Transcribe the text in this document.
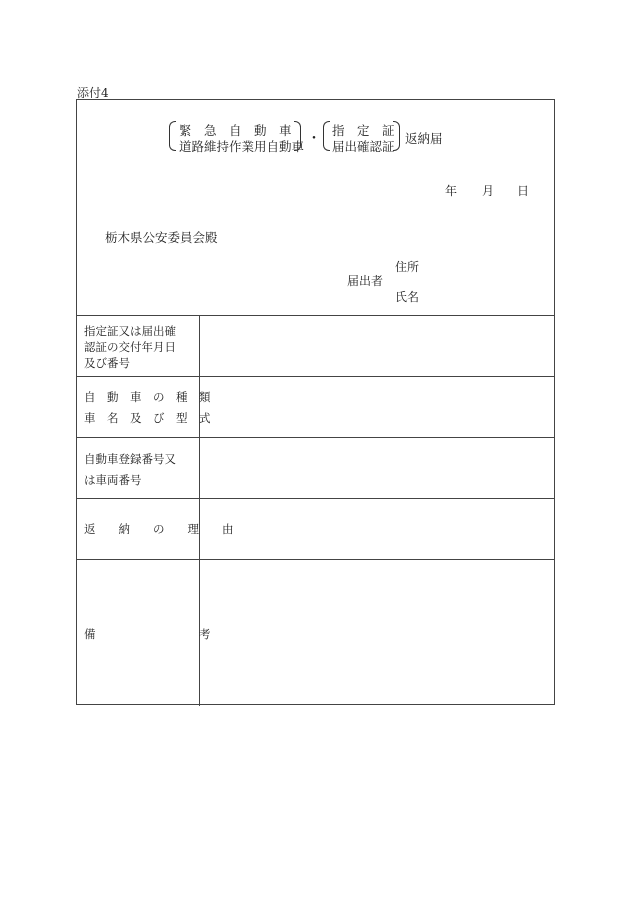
添付4
緊　急　自　動　車
道路維持作業用自動車 ・
指　定　証
届出確認証
返納届
年 月 日
栃木県公安委員会殿
届出者
住所
氏名
指定証又は届出確
認証の交付年月日
及び番号
自　動　車　の　種　類
車　名　及　び　型　式
自動車登録番号又
は車両番号
返　　納　　の　　理　　由
備　　　　　　　　　考
